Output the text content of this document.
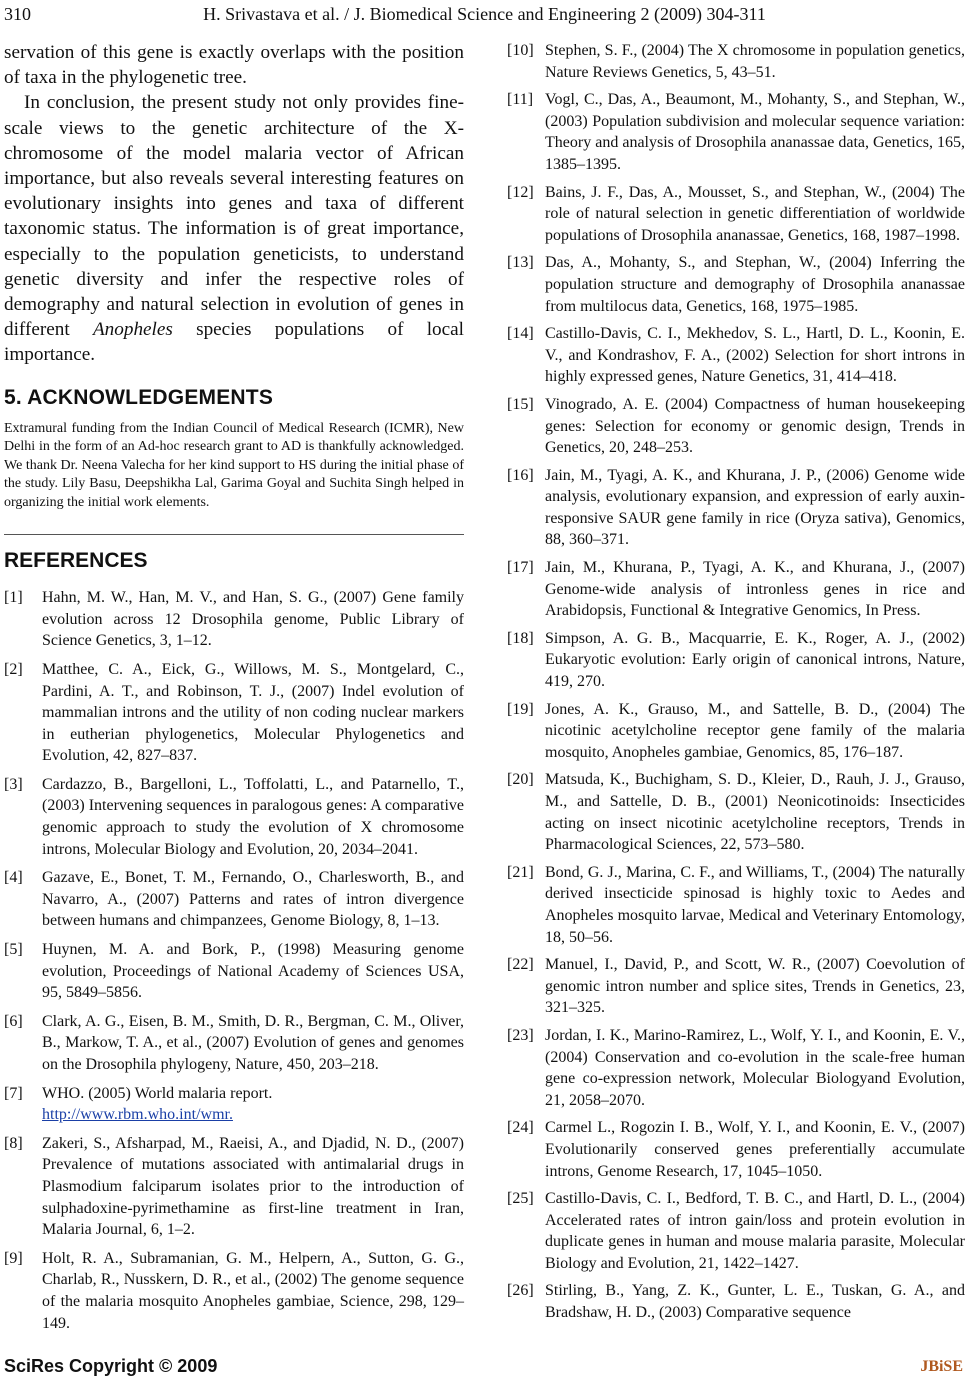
310	H. Srivastava et al. / J. Biomedical Science and Engineering 2 (2009) 304-311

servation of this gene is exactly overlaps with the position of taxa in the phylogenetic tree.

In conclusion, the present study not only provides fine-scale views to the genetic architecture of the X-chromosome of the model malaria vector of African importance, but also reveals several interesting features on evolutionary insights into genes and taxa of different taxonomic status. The information is of great importance, especially to the population geneticists, to understand genetic diversity and infer the respective roles of demography and natural selection in evolution of genes in different Anopheles species populations of local importance.

5. ACKNOWLEDGEMENTS

Extramural funding from the Indian Council of Medical Research (ICMR), New Delhi in the form of an Ad-hoc research grant to AD is thankfully acknowledged. We thank Dr. Neena Valecha for her kind support to HS during the initial phase of the study. Lily Basu, Deepshikha Lal, Garima Goyal and Suchita Singh helped in organizing the initial work elements.

REFERENCES
[1]	Hahn, M. W., Han, M. V., and Han, S. G., (2007) Gene family evolution across 12 Drosophila genome, Public Library of Science Genetics, 3, 1–12.
[2]	Matthee, C. A., Eick, G., Willows, M. S., Montgelard, C., Pardini, A. T., and Robinson, T. J., (2007) Indel evolution of mammalian introns and the utility of non coding nuclear markers in eutherian phylogenetics, Molecular Phylogenetics and Evolution, 42, 827–837.
[3]	Cardazzo, B., Bargelloni, L., Toffolatti, L., and Patarnello, T., (2003) Intervening sequences in paralogous genes: A comparative genomic approach to study the evolution of X chromosome introns, Molecular Biology and Evolution, 20, 2034–2041.
[4]	Gazave, E., Bonet, T. M., Fernando, O., Charlesworth, B., and Navarro, A., (2007) Patterns and rates of intron divergence between humans and chimpanzees, Genome Biology, 8, 1–13.
[5]	Huynen, M. A. and Bork, P., (1998) Measuring genome evolution, Proceedings of National Academy of Sciences USA, 95, 5849–5856.
[6]	Clark, A. G., Eisen, B. M., Smith, D. R., Bergman, C. M., Oliver, B., Markow, T. A., et al., (2007) Evolution of genes and genomes on the Drosophila phylogeny, Nature, 450, 203–218.
[7]	WHO. (2005) World malaria report.
http://www.rbm.who.int/wmr.
[8]	Zakeri, S., Afsharpad, M., Raeisi, A., and Djadid, N. D., (2007) Prevalence of mutations associated with antimalarial drugs in Plasmodium falciparum isolates prior to the introduction of sulphadoxine-pyrimethamine as first-line treatment in Iran, Malaria Journal, 6, 1–2.
[9]	Holt, R. A., Subramanian, G. M., Helpern, A., Sutton, G. G., Charlab, R., Nusskern, D. R., et al., (2002) The genome sequence of the malaria mosquito Anopheles gambiae, Science, 298, 129–149.
[10] Stephen, S. F., (2004) The X chromosome in population genetics, Nature Reviews Genetics, 5, 43–51.
[11] Vogl, C., Das, A., Beaumont, M., Mohanty, S., and Stephan, W., (2003) Population subdivision and molecular sequence variation: Theory and analysis of Drosophila ananassae data, Genetics, 165, 1385–1395.
[12] Bains, J. F., Das, A., Mousset, S., and Stephan, W., (2004) The role of natural selection in genetic differentiation of worldwide populations of Drosophila ananassae, Genetics, 168, 1987–1998.
[13] Das, A., Mohanty, S., and Stephan, W., (2004) Inferring the population structure and demography of Drosophila ananassae from multilocus data, Genetics, 168, 1975–1985.
[14] Castillo-Davis, C. I., Mekhedov, S. L., Hartl, D. L., Koonin, E. V., and Kondrashov, F. A., (2002) Selection for short introns in highly expressed genes, Nature Genetics, 31, 414–418.
[15] Vinogrado, A. E. (2004) Compactness of human housekeeping genes: Selection for economy or genomic design, Trends in Genetics, 20, 248–253.
[16] Jain, M., Tyagi, A. K., and Khurana, J. P., (2006) Genome wide analysis, evolutionary expansion, and expression of early auxin-responsive SAUR gene family in rice (Oryza sativa), Genomics, 88, 360–371.
[17] Jain, M., Khurana, P., Tyagi, A. K., and Khurana, J., (2007) Genome-wide analysis of intronless genes in rice and Arabidopsis, Functional & Integrative Genomics, In Press.
[18] Simpson, A. G. B., Macquarrie, E. K., Roger, A. J., (2002) Eukaryotic evolution: Early origin of canonical introns, Nature, 419, 270.
[19] Jones, A. K., Grauso, M., and Sattelle, B. D., (2004) The nicotinic acetylcholine receptor gene family of the malaria mosquito, Anopheles gambiae, Genomics, 85, 176–187.
[20] Matsuda, K., Buchigham, S. D., Kleier, D., Rauh, J. J., Grauso, M., and Sattelle, D. B., (2001) Neonicotinoids: Insecticides acting on insect nicotinic acetylcholine receptors, Trends in Pharmacological Sciences, 22, 573–580.
[21] Bond, G. J., Marina, C. F., and Williams, T., (2004) The naturally derived insecticide spinosad is highly toxic to Aedes and Anopheles mosquito larvae, Medical and Veterinary Entomology, 18, 50–56.
[22] Manuel, I., David, P., and Scott, W. R., (2007) Coevolution of genomic intron number and splice sites, Trends in Genetics, 23, 321–325.
[23] Jordan, I. K., Marino-Ramirez, L., Wolf, Y. I., and Koonin, E. V., (2004) Conservation and co-evolution in the scale-free human gene co-expression network, Molecular Biologyand Evolution, 21, 2058–2070.
[24] Carmel L., Rogozin I. B., Wolf, Y. I., and Koonin, E. V., (2007) Evolutionarily conserved genes preferentially accumulate introns, Genome Research, 17, 1045–1050.
[25] Castillo-Davis, C. I., Bedford, T. B. C., and Hartl, D. L., (2004) Accelerated rates of intron gain/loss and protein evolution in duplicate genes in human and mouse malaria parasite, Molecular Biology and Evolution, 21, 1422–1427.
[26] Stirling, B., Yang, Z. K., Gunter, L. E., Tuskan, G. A., and Bradshaw, H. D., (2003) Comparative sequence
SciRes Copyright © 2009	JBiSE
